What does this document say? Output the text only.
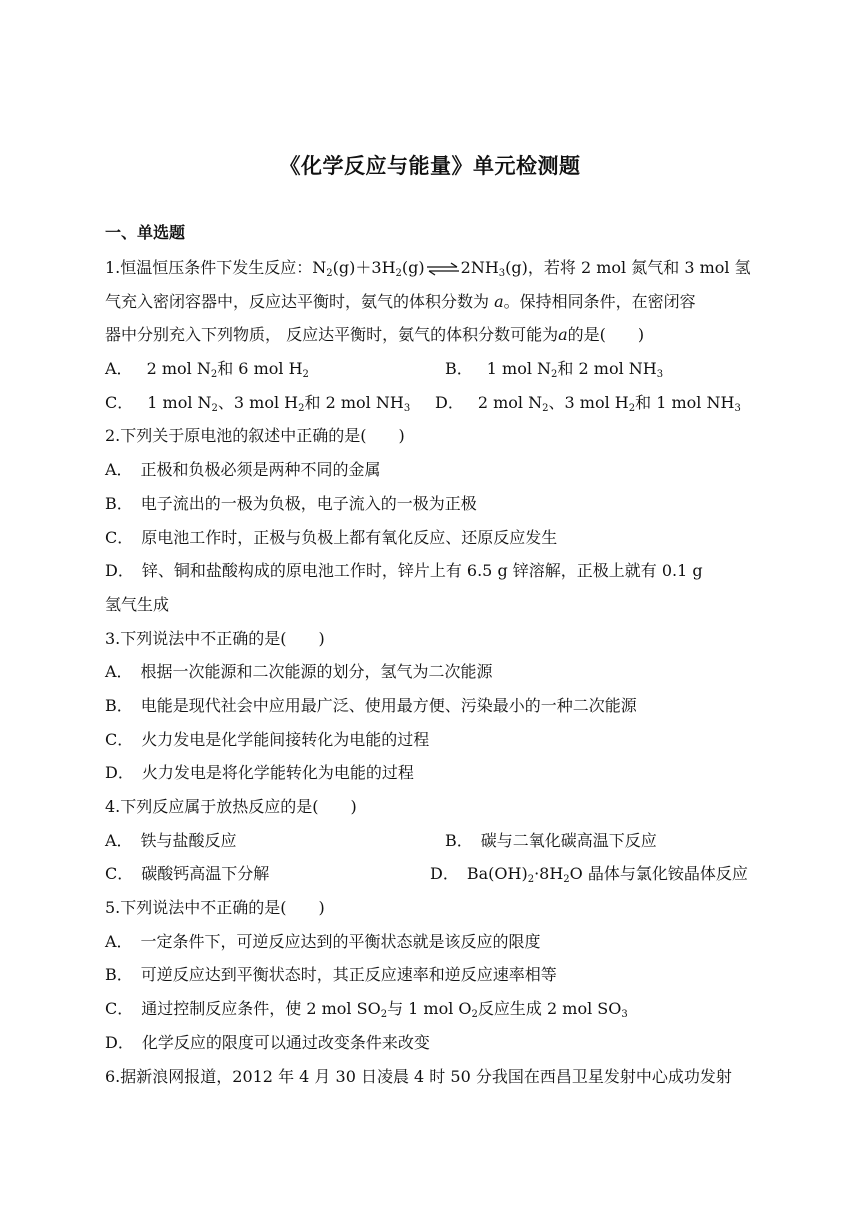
《化学反应与能量》单元检测题
一、单选题
1.恒温恒压条件下发生反应：$N_2(g)+3H_2(g)\rightleftharpoons 2NH_3(g)$，若将 2 mol 氮气和 3 mol 氢
气充入密闭容器中，反应达平衡时，氨气的体积分数为 a。保持相同条件，在密闭容
器中分别充入下列物质， 反应达平衡时，氨气的体积分数可能为a的是(　　)
A． 2 mol $N_2$和 6 mol $H_2$	B． 1 mol $N_2$和 2 mol $NH_3$
C． 1 mol $N_2$、3 mol $H_2$和 2 mol $NH_3$	D． 2 mol $N_2$、3 mol $H_2$和 1 mol $NH_3$
2.下列关于原电池的叙述中正确的是(　　)
A．　正极和负极必须是两种不同的金属
B．　电子流出的一极为负极，电子流入的一极为正极
C．　原电池工作时，正极与负极上都有氧化反应、还原反应发生
D．　锌、铜和盐酸构成的原电池工作时，锌片上有 6.5 g 锌溶解，正极上就有 0.1 g
氢气生成
3.下列说法中不正确的是(　　)
A．　根据一次能源和二次能源的划分，氢气为二次能源
B．　电能是现代社会中应用最广泛、使用最方便、污染最小的一种二次能源
C．　火力发电是化学能间接转化为电能的过程
D．　火力发电是将化学能转化为电能的过程
4.下列反应属于放热反应的是(　　)
A．　铁与盐酸反应	B．　碳与二氧化碳高温下反应
C．　碳酸钙高温下分解	D．　$Ba(OH)_2\cdot 8H_2O$ 晶体与氯化铵晶体反应
5.下列说法中不正确的是(　　)
A．　一定条件下，可逆反应达到的平衡状态就是该反应的限度
B．　可逆反应达到平衡状态时，其正反应速率和逆反应速率相等
C．　通过控制反应条件，使 2 mol $SO_2$与 1 mol $O_2$反应生成 2 mol $SO_3$
D．　化学反应的限度可以通过改变条件来改变
6.据新浪网报道，2012 年 4 月 30 日凌晨 4 时 50 分我国在西昌卫星发射中心成功发射
